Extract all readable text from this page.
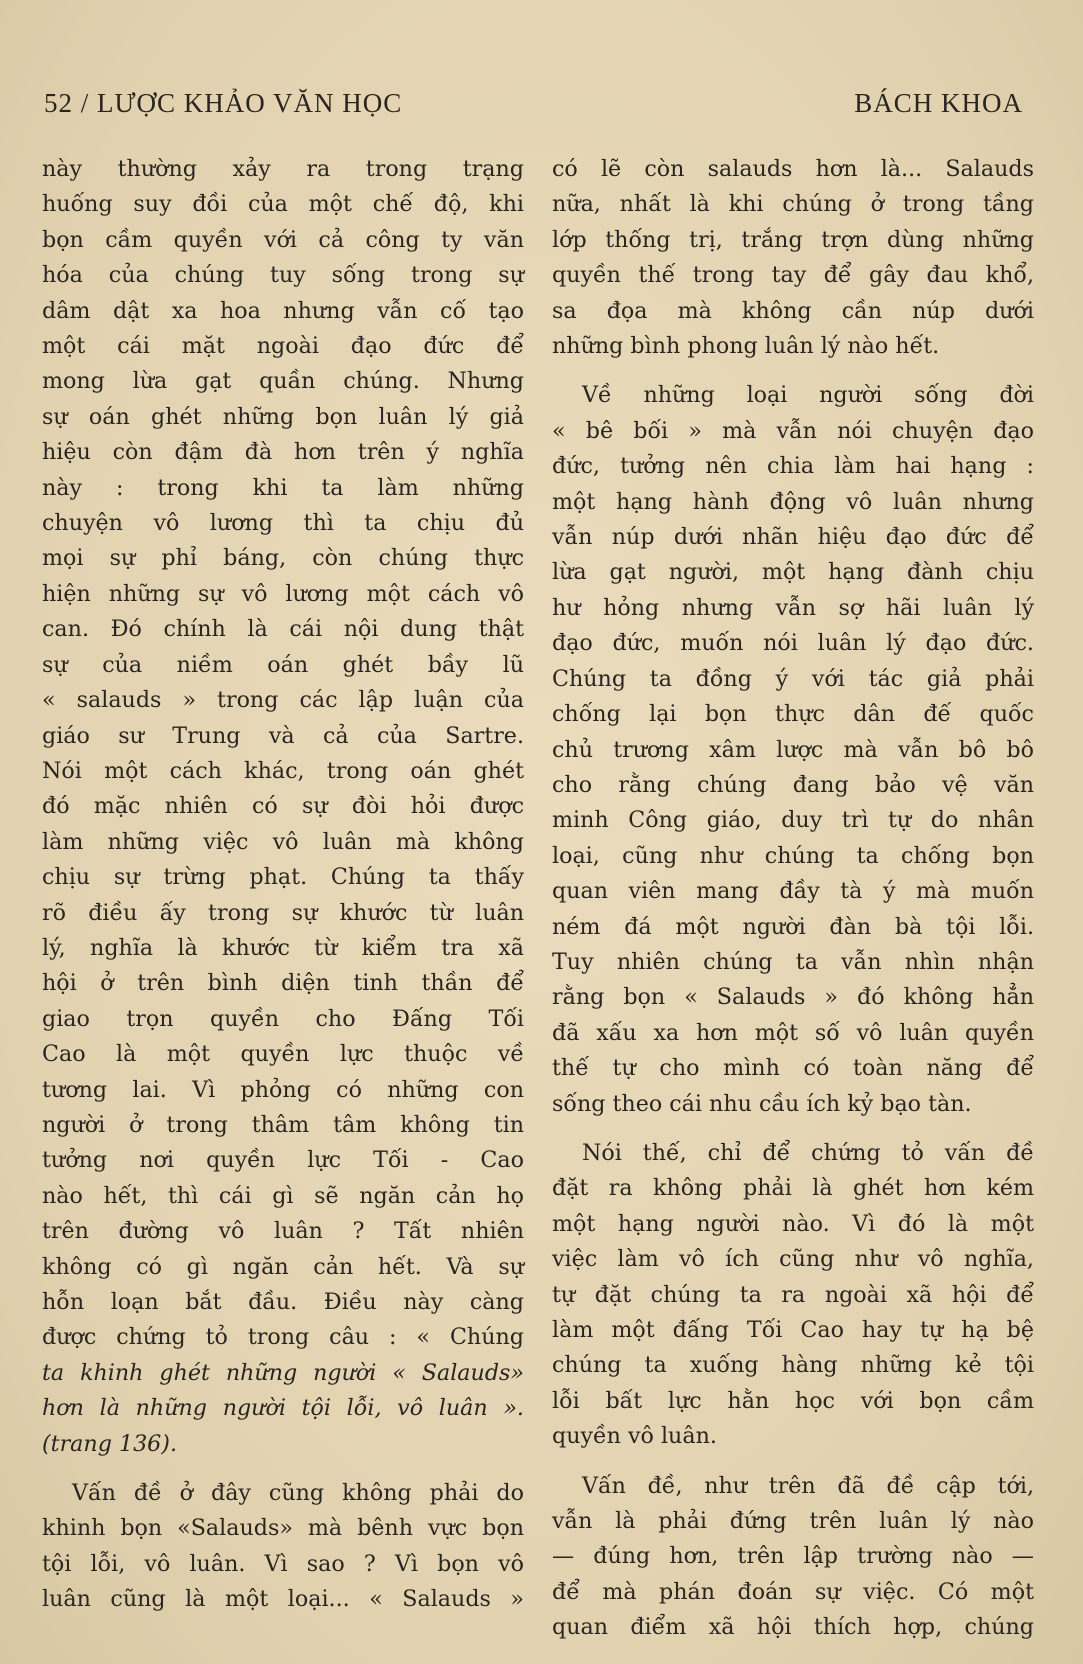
52 / LƯỢC KHẢO VĂN HỌC	BÁCH KHOA
này thường xảy ra trong trạng
huống suy đồi của một chế độ, khi
bọn cầm quyền với cả công ty văn
hóa của chúng tuy sống trong sự
dâm dật xa hoa nhưng vẫn cố tạo
một cái mặt ngoài đạo đức để
mong lừa gạt quần chúng. Nhưng
sự oán ghét những bọn luân lý giả
hiệu còn đậm đà hơn trên ý nghĩa
này : trong khi ta làm những
chuyện vô lương thì ta chịu đủ
mọi sự phỉ báng, còn chúng thực
hiện những sự vô lương một cách vô
can. Đó chính là cái nội dung thật
sự của niềm oán ghét bầy lũ
« salauds » trong các lập luận của
giáo sư Trung và cả của Sartre.
Nói một cách khác, trong oán ghét
đó mặc nhiên có sự đòi hỏi được
làm những việc vô luân mà không
chịu sự trừng phạt. Chúng ta thấy
rõ điều ấy trong sự khước từ luân
lý, nghĩa là khước từ kiểm tra xã
hội ở trên bình diện tinh thần để
giao trọn quyền cho Đấng Tối
Cao là một quyền lực thuộc về
tương lai. Vì phỏng có những con
người ở trong thâm tâm không tin
tưởng nơi quyền lực Tối - Cao
nào hết, thì cái gì sẽ ngăn cản họ
trên đường vô luân ? Tất nhiên
không có gì ngăn cản hết. Và sự
hỗn loạn bắt đầu. Điều này càng
được chứng tỏ trong câu : « Chúng
ta khinh ghét những người « Salauds»
hơn là những người tội lỗi, vô luân ».
(trang 136).
Vấn đề ở đây cũng không phải do
khinh bọn «Salauds» mà bênh vực bọn
tội lỗi, vô luân. Vì sao ? Vì bọn vô
luân cũng là một loại... « Salauds »
có lẽ còn salauds hơn là... Salauds
nữa, nhất là khi chúng ở trong tầng
lớp thống trị, trắng trợn dùng những
quyền thế trong tay để gây đau khổ,
sa đọa mà không cần núp dưới
những bình phong luân lý nào hết.
Về những loại người sống đời
« bê bối » mà vẫn nói chuyện đạo
đức, tưởng nên chia làm hai hạng :
một hạng hành động vô luân nhưng
vẫn núp dưới nhãn hiệu đạo đức để
lừa gạt người, một hạng đành chịu
hư hỏng nhưng vẫn sợ hãi luân lý
đạo đức, muốn nói luân lý đạo đức.
Chúng ta đồng ý với tác giả phải
chống lại bọn thực dân đế quốc
chủ trương xâm lược mà vẫn bô bô
cho rằng chúng đang bảo vệ văn
minh Công giáo, duy trì tự do nhân
loại, cũng như chúng ta chống bọn
quan viên mang đầy tà ý mà muốn
ném đá một người đàn bà tội lỗi.
Tuy nhiên chúng ta vẫn nhìn nhận
rằng bọn « Salauds » đó không hẳn
đã xấu xa hơn một số vô luân quyền
thế tự cho mình có toàn năng để
sống theo cái nhu cầu ích kỷ bạo tàn.
Nói thế, chỉ để chứng tỏ vấn đề
đặt ra không phải là ghét hơn kém
một hạng người nào. Vì đó là một
việc làm vô ích cũng như vô nghĩa,
tự đặt chúng ta ra ngoài xã hội để
làm một đấng Tối Cao hay tự hạ bệ
chúng ta xuống hàng những kẻ tội
lỗi bất lực hằn học với bọn cầm
quyền vô luân.
Vấn đề, như trên đã đề cập tới,
vẫn là phải đứng trên luân lý nào
— đúng hơn, trên lập trường nào —
để mà phán đoán sự việc. Có một
quan điểm xã hội thích hợp, chúng
